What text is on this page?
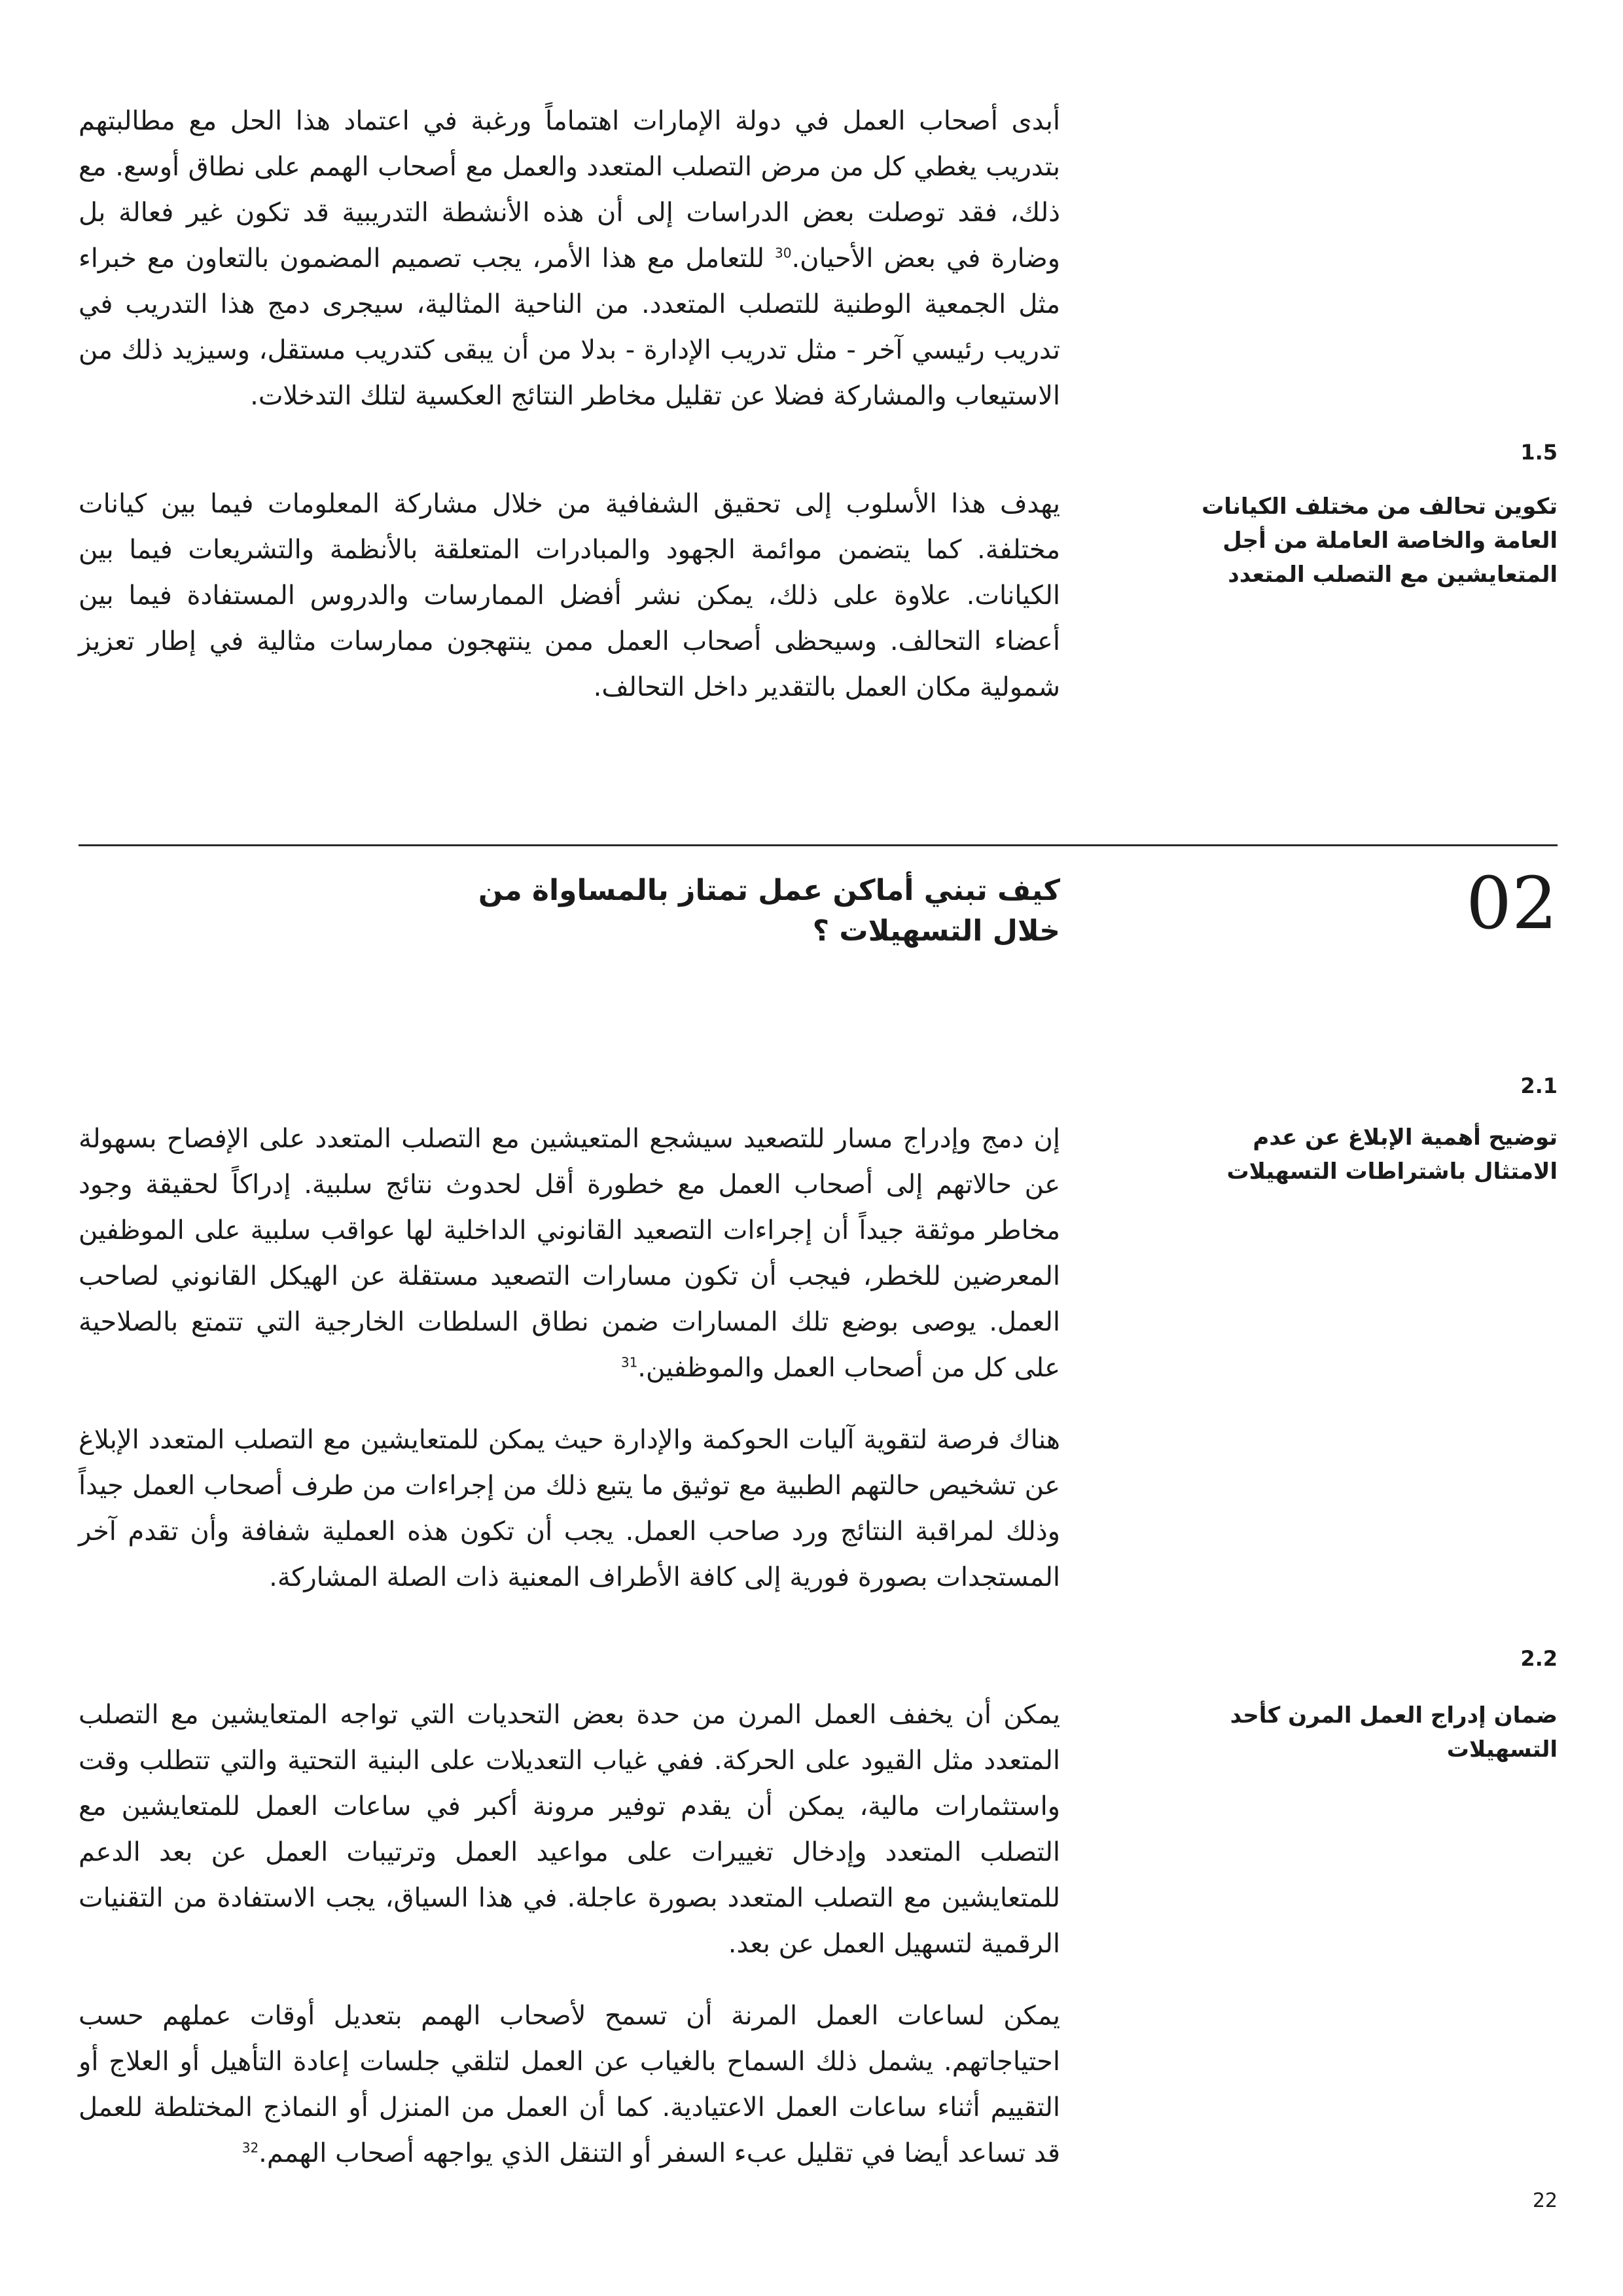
أبدى أصحاب العمل في دولة الإمارات اهتماماً ورغبة في اعتماد هذا الحل مع مطالبتهم بتدريب يغطي كل من مرض التصلب المتعدد والعمل مع أصحاب الهمم على نطاق أوسع. مع ذلك، فقد توصلت بعض الدراسات إلى أن هذه الأنشطة التدريبية قد تكون غير فعالة بل وضارة في بعض الأحيان.$^{30}$ للتعامل مع هذا الأمر، يجب تصميم المضمون بالتعاون مع خبراء مثل الجمعية الوطنية للتصلب المتعدد. من الناحية المثالية، سيجرى دمج هذا التدريب في تدريب رئيسي آخر - مثل تدريب الإدارة - بدلا من أن يبقى كتدريب مستقل، وسيزيد ذلك من الاستيعاب والمشاركة فضلا عن تقليل مخاطر النتائج العكسية لتلك التدخلات.

1.5

تكوين تحالف من مختلف الكيانات العامة والخاصة العاملة من أجل المتعايشين مع التصلب المتعدد

يهدف هذا الأسلوب إلى تحقيق الشفافية من خلال مشاركة المعلومات فيما بين كيانات مختلفة. كما يتضمن موائمة الجهود والمبادرات المتعلقة بالأنظمة والتشريعات فيما بين الكيانات. علاوة على ذلك، يمكن نشر أفضل الممارسات والدروس المستفادة فيما بين أعضاء التحالف. وسيحظى أصحاب العمل ممن ينتهجون ممارسات مثالية في إطار تعزيز شمولية مكان العمل بالتقدير داخل التحالف.

02

كيف تبني أماكن عمل تمتاز بالمساواة من خلال التسهيلات ؟

2.1

توضيح أهمية الإبلاغ عن عدم الامتثال باشتراطات التسهيلات

إن دمج وإدراج مسار للتصعيد سيشجع المتعيشين مع التصلب المتعدد على الإفصاح بسهولة عن حالاتهم إلى أصحاب العمل مع خطورة أقل لحدوث نتائج سلبية. إدراكاً لحقيقة وجود مخاطر موثقة جيداً أن إجراءات التصعيد القانوني الداخلية لها عواقب سلبية على الموظفين المعرضين للخطر، فيجب أن تكون مسارات التصعيد مستقلة عن الهيكل القانوني لصاحب العمل. يوصى بوضع تلك المسارات ضمن نطاق السلطات الخارجية التي تتمتع بالصلاحية على كل من أصحاب العمل والموظفين.$^{31}$

هناك فرصة لتقوية آليات الحوكمة والإدارة حيث يمكن للمتعايشين مع التصلب المتعدد الإبلاغ عن تشخيص حالتهم الطبية مع توثيق ما يتبع ذلك من إجراءات من طرف أصحاب العمل جيداً وذلك لمراقبة النتائج ورد صاحب العمل. يجب أن تكون هذه العملية شفافة وأن تقدم آخر المستجدات بصورة فورية إلى كافة الأطراف المعنية ذات الصلة المشاركة.

2.2

ضمان إدراج العمل المرن كأحد التسهيلات

يمكن أن يخفف العمل المرن من حدة بعض التحديات التي تواجه المتعايشين مع التصلب المتعدد مثل القيود على الحركة. ففي غياب التعديلات على البنية التحتية والتي تتطلب وقت واستثمارات مالية، يمكن أن يقدم توفير مرونة أكبر في ساعات العمل للمتعايشين مع التصلب المتعدد وإدخال تغييرات على مواعيد العمل وترتيبات العمل عن بعد الدعم للمتعايشين مع التصلب المتعدد بصورة عاجلة. في هذا السياق، يجب الاستفادة من التقنيات الرقمية لتسهيل العمل عن بعد.

يمكن لساعات العمل المرنة أن تسمح لأصحاب الهمم بتعديل أوقات عملهم حسب احتياجاتهم. يشمل ذلك السماح بالغياب عن العمل لتلقي جلسات إعادة التأهيل أو العلاج أو التقييم أثناء ساعات العمل الاعتيادية. كما أن العمل من المنزل أو النماذج المختلطة للعمل قد تساعد أيضا في تقليل عبء السفر أو التنقل الذي يواجهه أصحاب الهمم.$^{32}$

22
